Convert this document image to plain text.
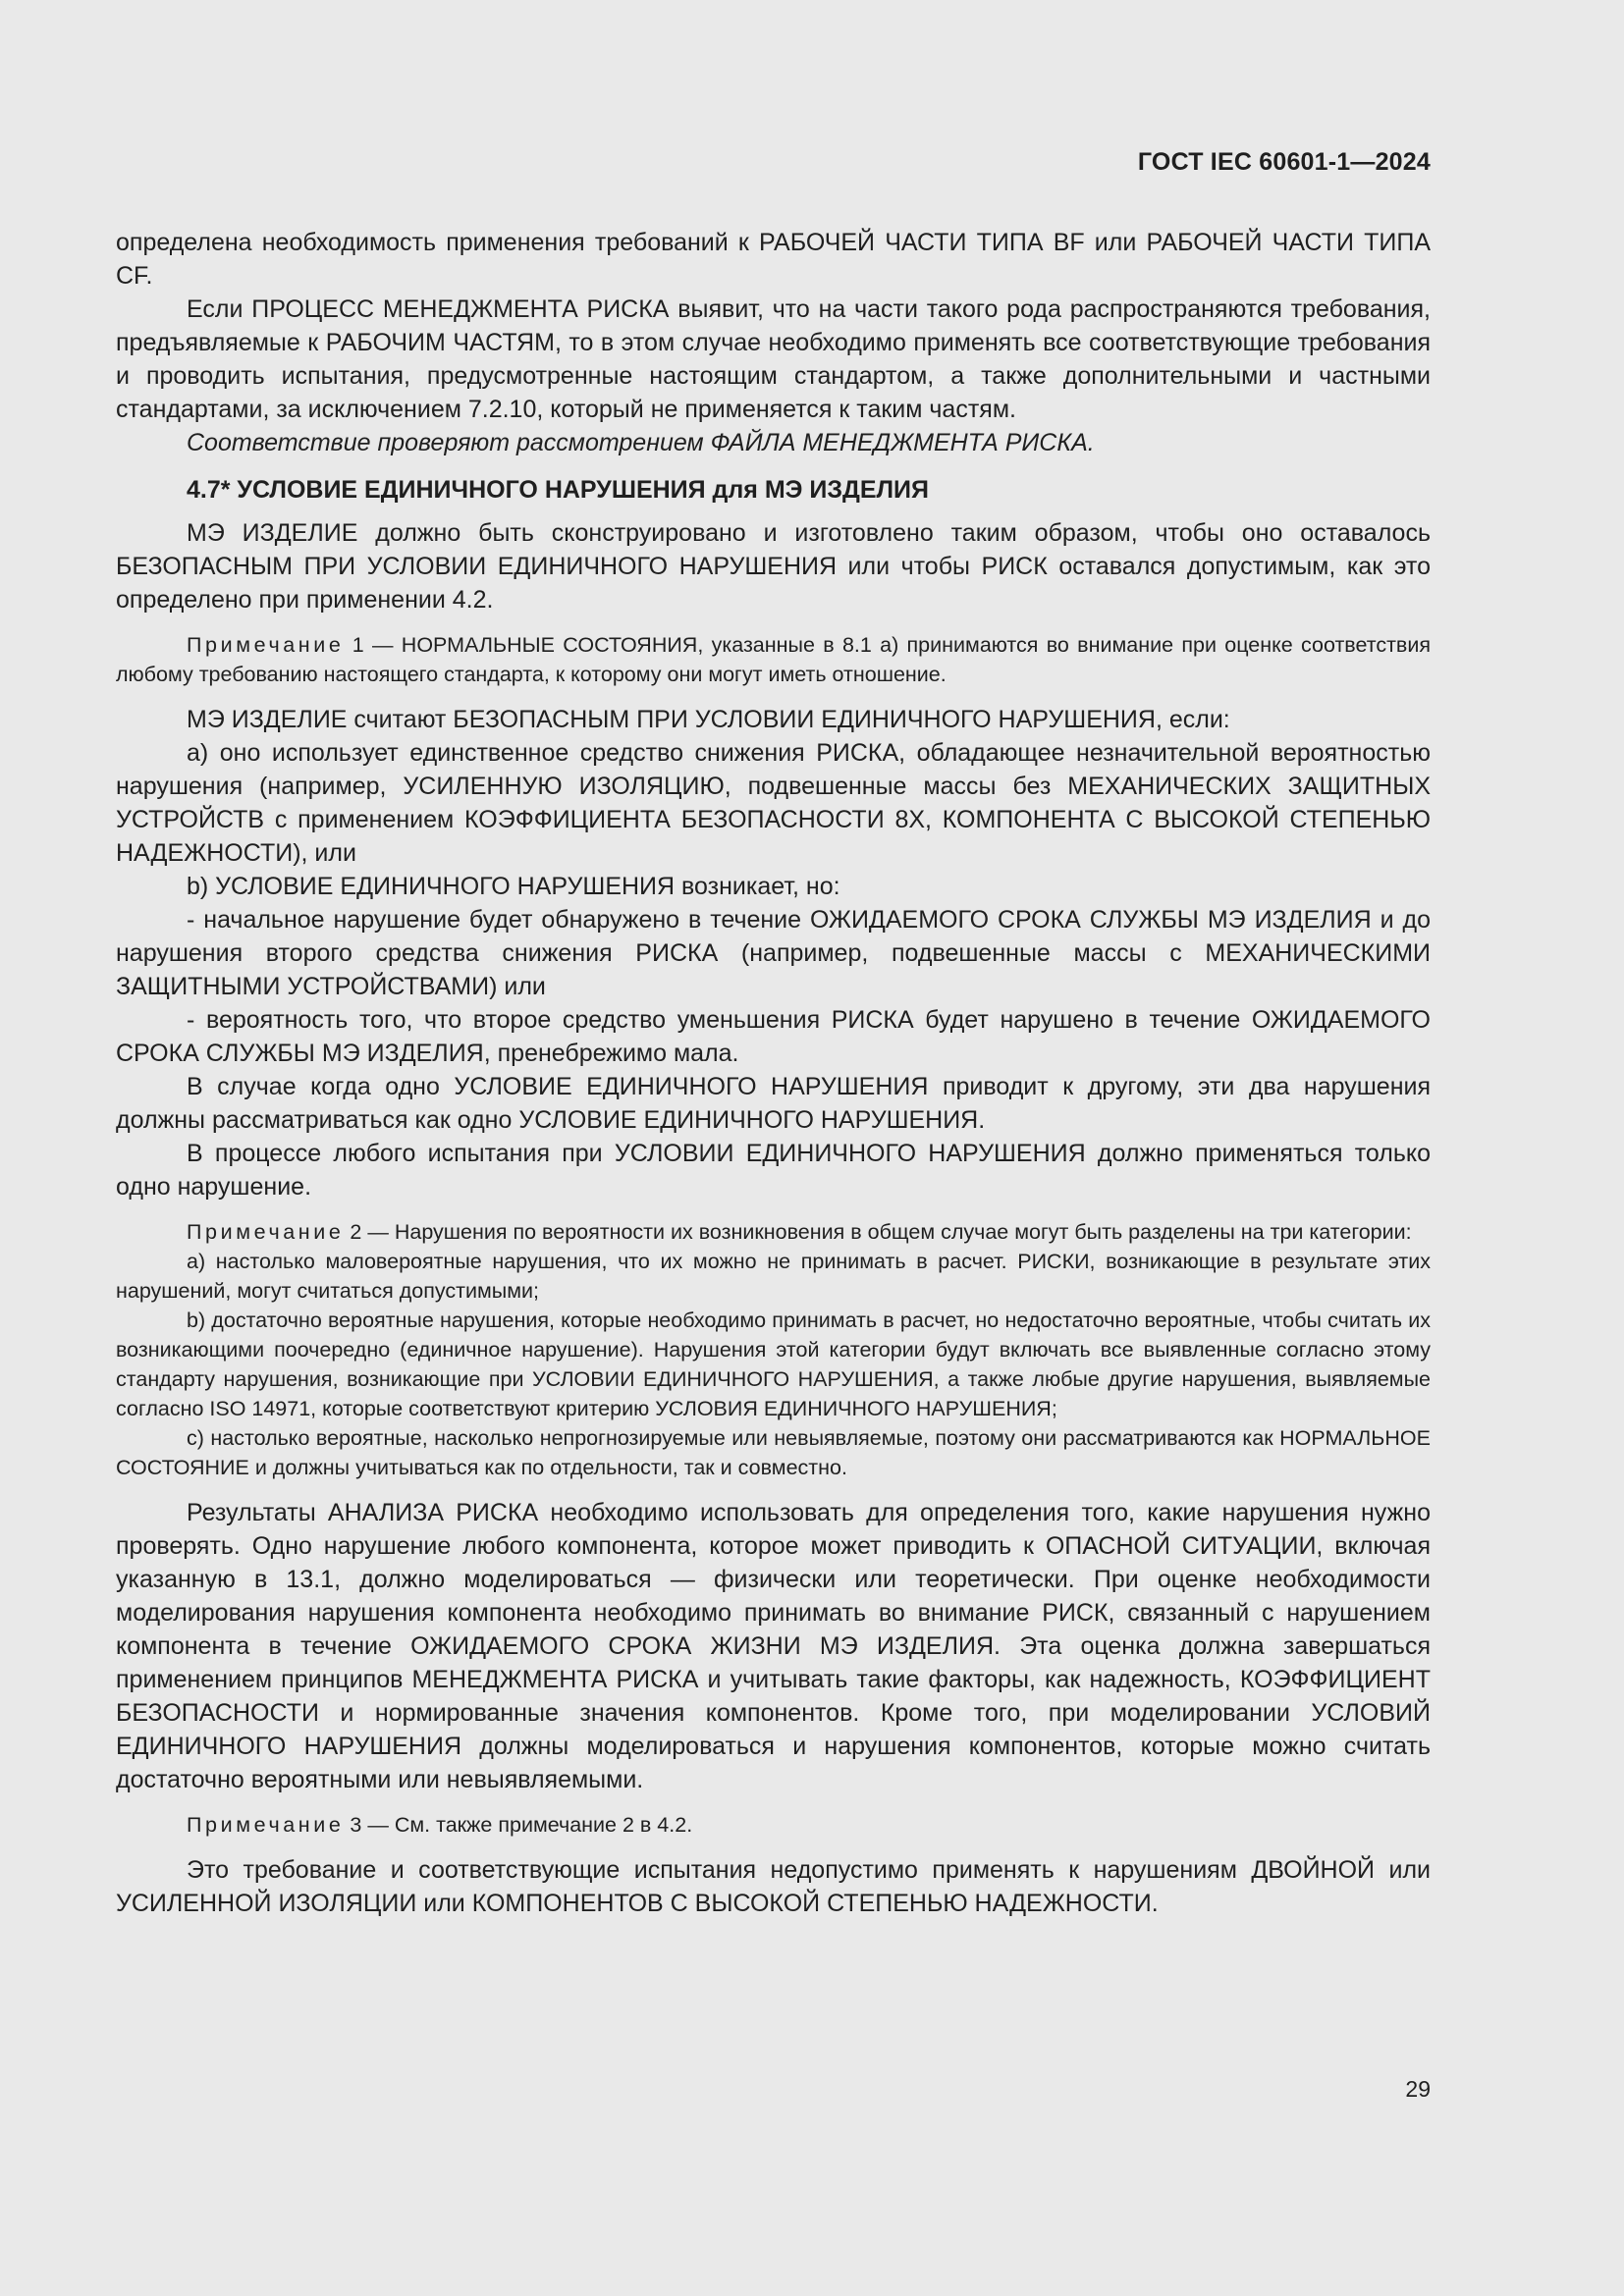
ГОСТ IEC 60601-1—2024

определена необходимость применения требований к РАБОЧЕЙ ЧАСТИ ТИПА BF или РАБОЧЕЙ ЧАСТИ ТИПА CF.

Если ПРОЦЕСС МЕНЕДЖМЕНТА РИСКА выявит, что на части такого рода распространяются требования, предъявляемые к РАБОЧИМ ЧАСТЯМ, то в этом случае необходимо применять все соответствующие требования и проводить испытания, предусмотренные настоящим стандартом, а также дополнительными и частными стандартами, за исключением 7.2.10, который не применяется к таким частям.

Соответствие проверяют рассмотрением ФАЙЛА МЕНЕДЖМЕНТА РИСКА.

4.7* УСЛОВИЕ ЕДИНИЧНОГО НАРУШЕНИЯ для МЭ ИЗДЕЛИЯ

МЭ ИЗДЕЛИЕ должно быть сконструировано и изготовлено таким образом, чтобы оно оставалось БЕЗОПАСНЫМ ПРИ УСЛОВИИ ЕДИНИЧНОГО НАРУШЕНИЯ или чтобы РИСК оставался допустимым, как это определено при применении 4.2.

Примечание 1 — НОРМАЛЬНЫЕ СОСТОЯНИЯ, указанные в 8.1 а) принимаются во внимание при оценке соответствия любому требованию настоящего стандарта, к которому они могут иметь отношение.

МЭ ИЗДЕЛИЕ считают БЕЗОПАСНЫМ ПРИ УСЛОВИИ ЕДИНИЧНОГО НАРУШЕНИЯ, если:

a) оно использует единственное средство снижения РИСКА, обладающее незначительной вероятностью нарушения (например, УСИЛЕННУЮ ИЗОЛЯЦИЮ, подвешенные массы без МЕХАНИЧЕСКИХ ЗАЩИТНЫХ УСТРОЙСТВ с применением КОЭФФИЦИЕНТА БЕЗОПАСНОСТИ 8Х, КОМПОНЕНТА С ВЫСОКОЙ СТЕПЕНЬЮ НАДЕЖНОСТИ), или

b) УСЛОВИЕ ЕДИНИЧНОГО НАРУШЕНИЯ возникает, но:

- начальное нарушение будет обнаружено в течение ОЖИДАЕМОГО СРОКА СЛУЖБЫ МЭ ИЗДЕЛИЯ и до нарушения второго средства снижения РИСКА (например, подвешенные массы с МЕХАНИЧЕСКИМИ ЗАЩИТНЫМИ УСТРОЙСТВАМИ) или

- вероятность того, что второе средство уменьшения РИСКА будет нарушено в течение ОЖИДАЕМОГО СРОКА СЛУЖБЫ МЭ ИЗДЕЛИЯ, пренебрежимо мала.

В случае когда одно УСЛОВИЕ ЕДИНИЧНОГО НАРУШЕНИЯ приводит к другому, эти два нарушения должны рассматриваться как одно УСЛОВИЕ ЕДИНИЧНОГО НАРУШЕНИЯ.

В процессе любого испытания при УСЛОВИИ ЕДИНИЧНОГО НАРУШЕНИЯ должно применяться только одно нарушение.

Примечание 2 — Нарушения по вероятности их возникновения в общем случае могут быть разделены на три категории:

a) настолько маловероятные нарушения, что их можно не принимать в расчет. РИСКИ, возникающие в результате этих нарушений, могут считаться допустимыми;

b) достаточно вероятные нарушения, которые необходимо принимать в расчет, но недостаточно вероятные, чтобы считать их возникающими поочередно (единичное нарушение). Нарушения этой категории будут включать все выявленные согласно этому стандарту нарушения, возникающие при УСЛОВИИ ЕДИНИЧНОГО НАРУШЕНИЯ, а также любые другие нарушения, выявляемые согласно ISO 14971, которые соответствуют критерию УСЛОВИЯ ЕДИНИЧНОГО НАРУШЕНИЯ;

c) настолько вероятные, насколько непрогнозируемые или невыявляемые, поэтому они рассматриваются как НОРМАЛЬНОЕ СОСТОЯНИЕ и должны учитываться как по отдельности, так и совместно.

Результаты АНАЛИЗА РИСКА необходимо использовать для определения того, какие нарушения нужно проверять. Одно нарушение любого компонента, которое может приводить к ОПАСНОЙ СИТУАЦИИ, включая указанную в 13.1, должно моделироваться — физически или теоретически. При оценке необходимости моделирования нарушения компонента необходимо принимать во внимание РИСК, связанный с нарушением компонента в течение ОЖИДАЕМОГО СРОКА ЖИЗНИ МЭ ИЗДЕЛИЯ. Эта оценка должна завершаться применением принципов МЕНЕДЖМЕНТА РИСКА и учитывать такие факторы, как надежность, КОЭФФИЦИЕНТ БЕЗОПАСНОСТИ и нормированные значения компонентов. Кроме того, при моделировании УСЛОВИЙ ЕДИНИЧНОГО НАРУШЕНИЯ должны моделироваться и нарушения компонентов, которые можно считать достаточно вероятными или невыявляемыми.

Примечание 3 — См. также примечание 2 в 4.2.

Это требование и соответствующие испытания недопустимо применять к нарушениям ДВОЙНОЙ или УСИЛЕННОЙ ИЗОЛЯЦИИ или КОМПОНЕНТОВ С ВЫСОКОЙ СТЕПЕНЬЮ НАДЕЖНОСТИ.

29
